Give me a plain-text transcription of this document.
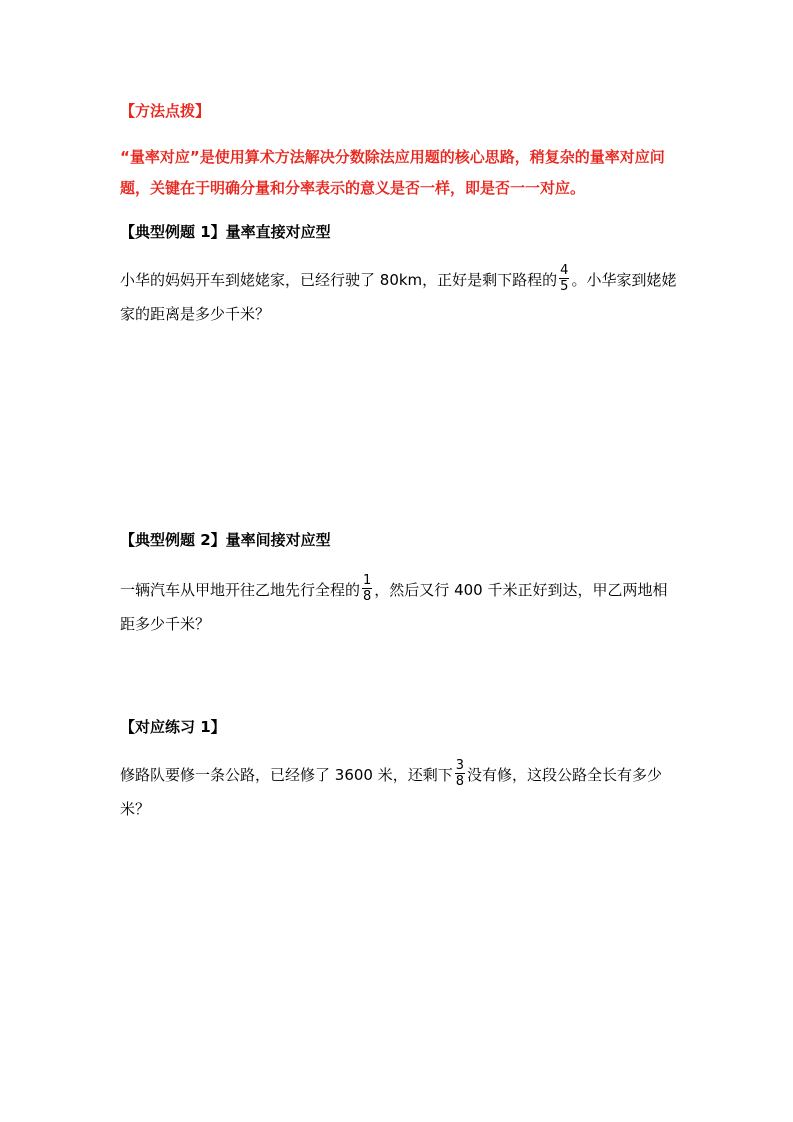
【方法点拨】
“量率对应”是使用算术方法解决分数除法应用题的核心思路，稍复杂的量率对应问题，关键在于明确分量和分率表示的意义是否一样，即是否一一对应。
【典型例题 1】量率直接对应型
小华的妈妈开车到姥姥家，已经行驶了 80km，正好是剩下路程的 $\frac{4}{5}$ 。小华家到姥姥家的距离是多少千米？
【典型例题 2】量率间接对应型
一辆汽车从甲地开往乙地先行全程的 $\frac{1}{8}$ ，然后又行 400 千米正好到达，甲乙两地相距多少千米？
【对应练习 1】
修路队要修一条公路，已经修了 3600 米，还剩下 $\frac{3}{8}$ 没有修，这段公路全长有多少米？
